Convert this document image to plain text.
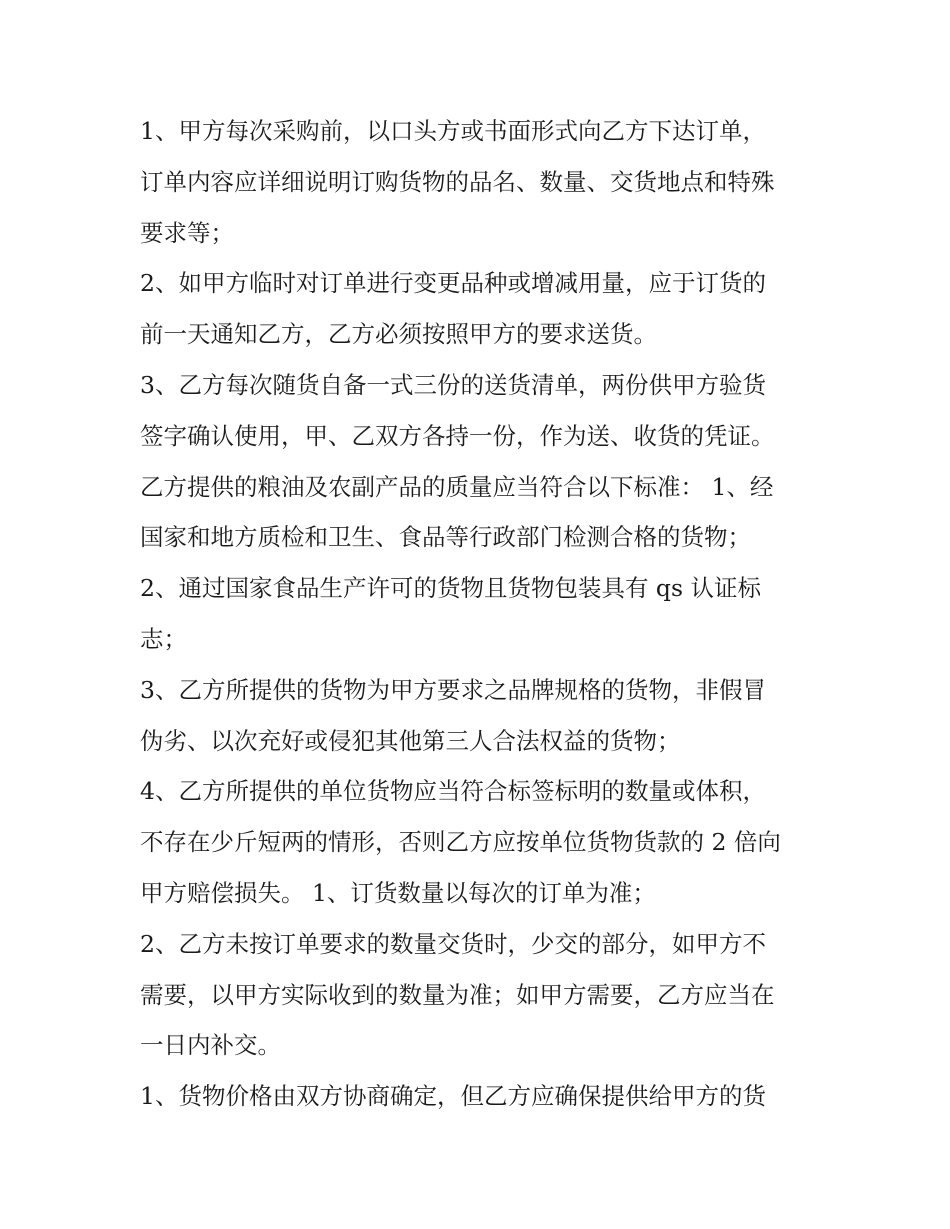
1、甲方每次采购前，以口头方或书面形式向乙方下达订单，
订单内容应详细说明订购货物的品名、数量、交货地点和特殊
要求等；
2、如甲方临时对订单进行变更品种或增减用量，应于订货的
前一天通知乙方，乙方必须按照甲方的要求送货。
3、乙方每次随货自备一式三份的送货清单，两份供甲方验货
签字确认使用，甲、乙双方各持一份，作为送、收货的凭证。
乙方提供的粮油及农副产品的质量应当符合以下标准： 1、经
国家和地方质检和卫生、食品等行政部门检测合格的货物；
2、通过国家食品生产许可的货物且货物包装具有 qs 认证标
志；
3、乙方所提供的货物为甲方要求之品牌规格的货物，非假冒
伪劣、以次充好或侵犯其他第三人合法权益的货物；
4、乙方所提供的单位货物应当符合标签标明的数量或体积，
不存在少斤短两的情形，否则乙方应按单位货物货款的 2 倍向
甲方赔偿损失。 1、订货数量以每次的订单为准；
2、乙方未按订单要求的数量交货时，少交的部分，如甲方不
需要，以甲方实际收到的数量为准；如甲方需要，乙方应当在
一日内补交。
1、货物价格由双方协商确定，但乙方应确保提供给甲方的货
